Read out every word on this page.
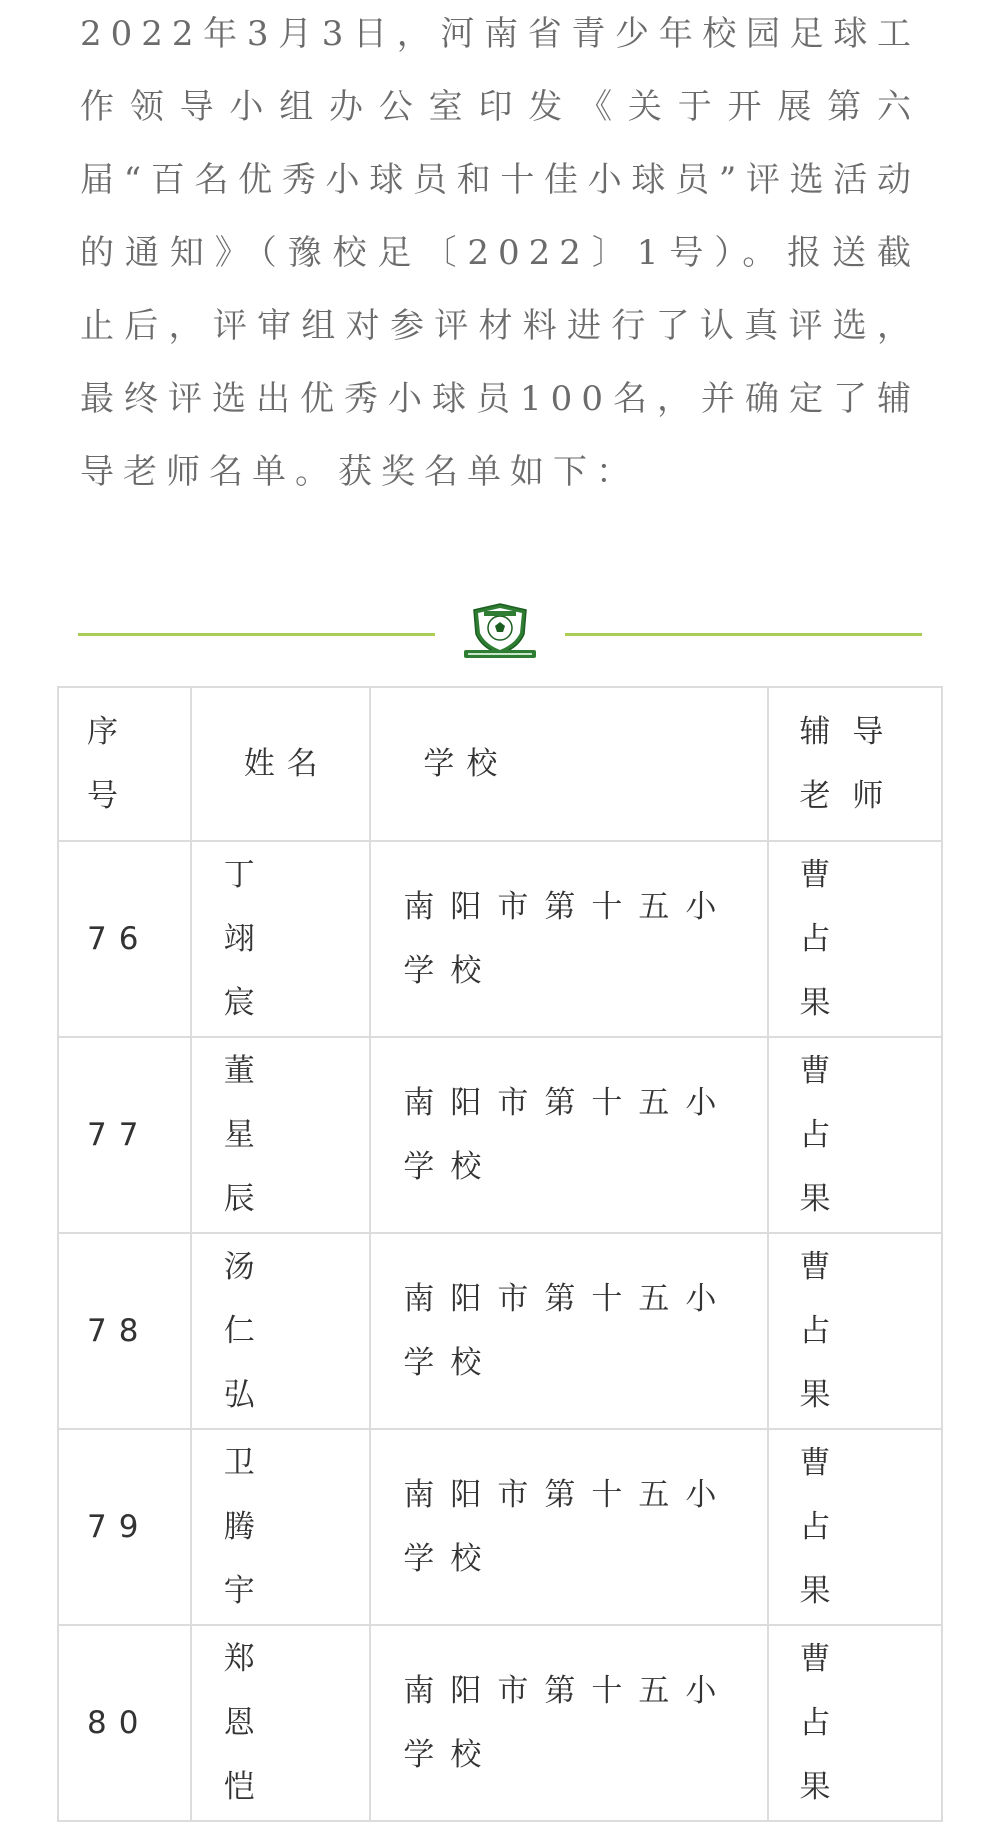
2022年3月3日，河南省青少年校园足球工作领导小组办公室印发《关于开展第六届“百名优秀小球员和十佳小球员”评选活动的通知》（豫校足〔2022〕1号）。报送截止后，评审组对参评材料进行了认真评选，最终评选出优秀小球员100名，并确定了辅导老师名单。获奖名单如下：
序号	姓名	学校	辅导老师

76	丁翊宸	南阳市第十五小学校	曹占果

77	董星辰	南阳市第十五小学校	曹占果

78	汤仁弘	南阳市第十五小学校	曹占果

79	卫腾宇	南阳市第十五小学校	曹占果

80	郑恩恺	南阳市第十五小学校	曹占果
